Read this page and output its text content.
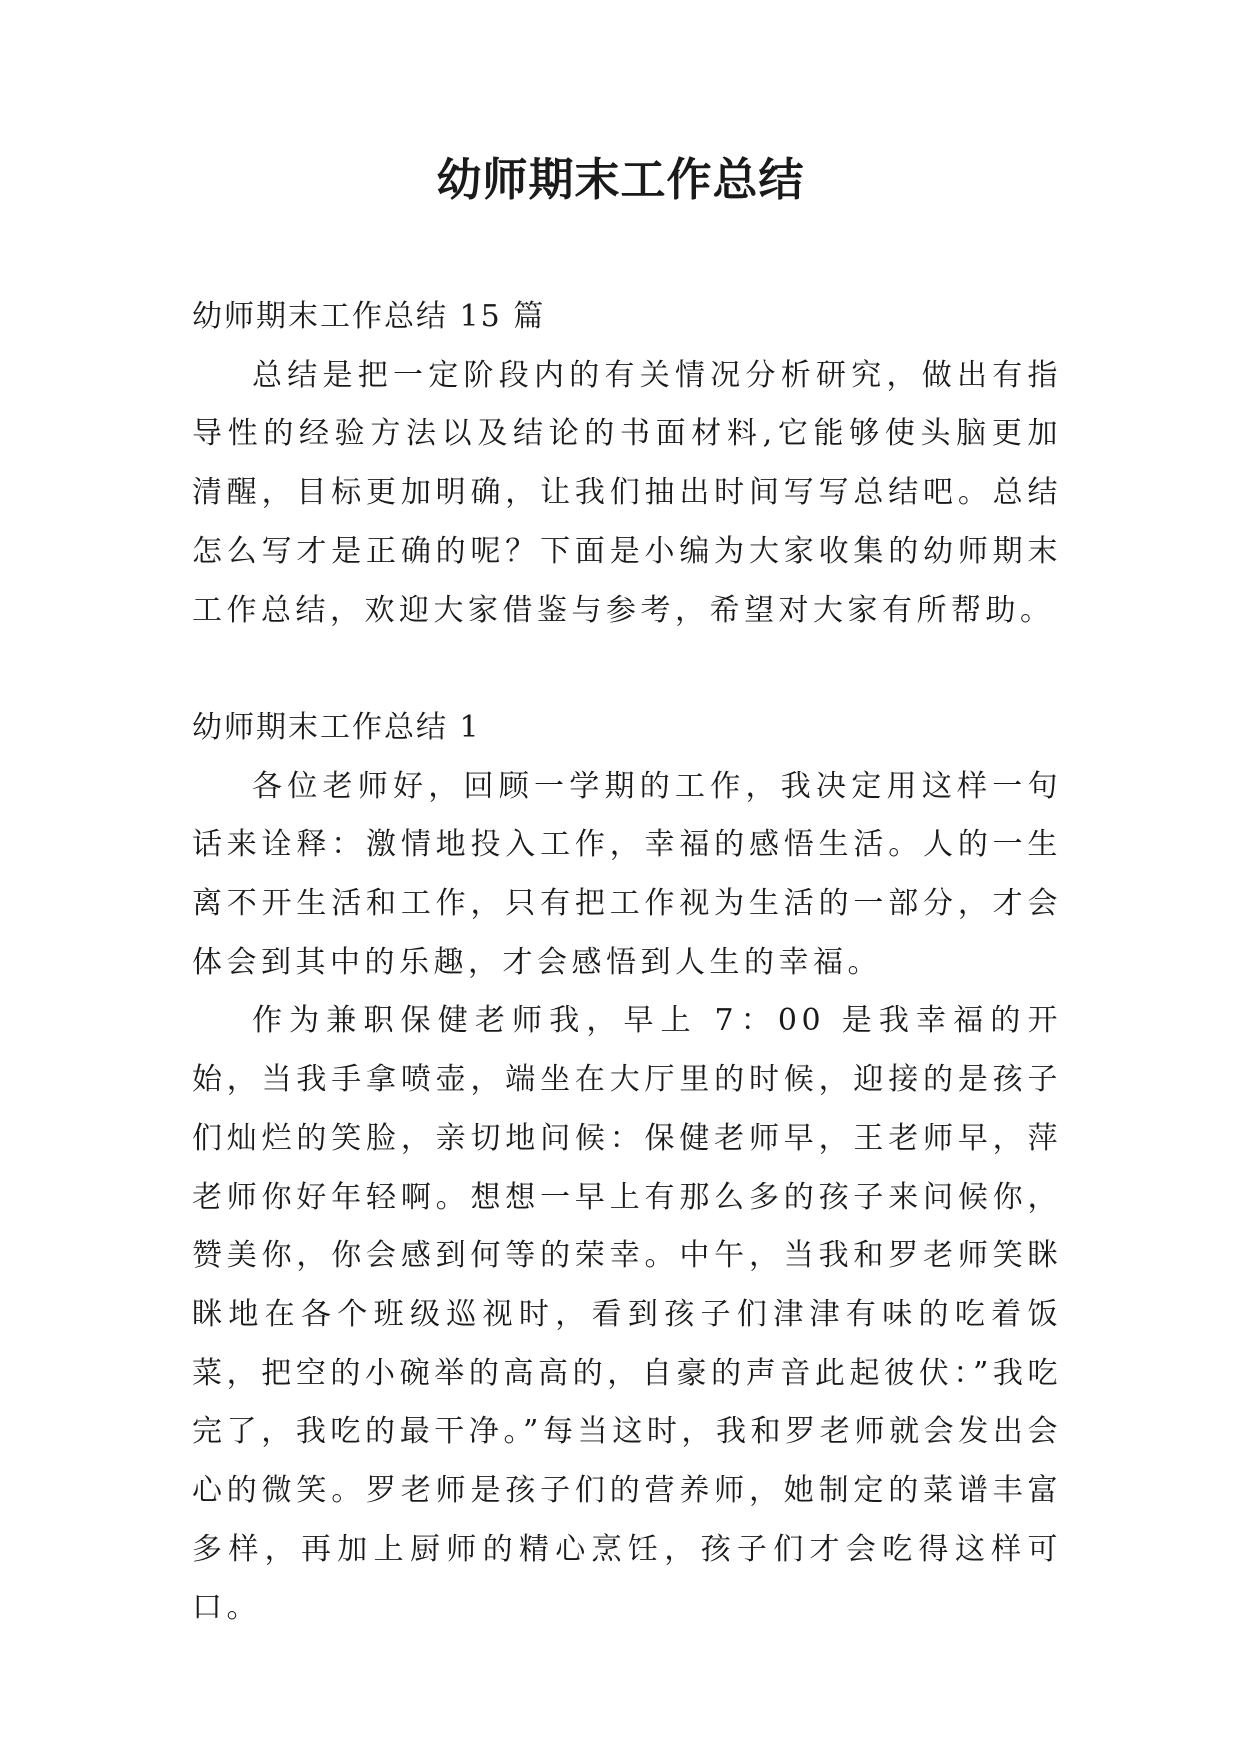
幼师期末工作总结

幼师期末工作总结 15 篇

总结是把一定阶段内的有关情况分析研究，做出有指导性的经验方法以及结论的书面材料,它能够使头脑更加清醒，目标更加明确，让我们抽出时间写写总结吧。总结怎么写才是正确的呢？下面是小编为大家收集的幼师期末工作总结，欢迎大家借鉴与参考，希望对大家有所帮助。

幼师期末工作总结 1

各位老师好，回顾一学期的工作，我决定用这样一句话来诠释：激情地投入工作，幸福的感悟生活。人的一生离不开生活和工作，只有把工作视为生活的一部分，才会体会到其中的乐趣，才会感悟到人生的幸福。

作为兼职保健老师我，早上 7：00 是我幸福的开始，当我手拿喷壶，端坐在大厅里的时候，迎接的是孩子们灿烂的笑脸，亲切地问候：保健老师早，王老师早，萍老师你好年轻啊。想想一早上有那么多的孩子来问候你，赞美你，你会感到何等的荣幸。中午，当我和罗老师笑眯眯地在各个班级巡视时，看到孩子们津津有味的吃着饭菜，把空的小碗举的高高的，自豪的声音此起彼伏：”我吃完了，我吃的最干净。”每当这时，我和罗老师就会发出会心的微笑。罗老师是孩子们的营养师，她制定的菜谱丰富多样，再加上厨师的精心烹饪，孩子们才会吃得这样可口。
